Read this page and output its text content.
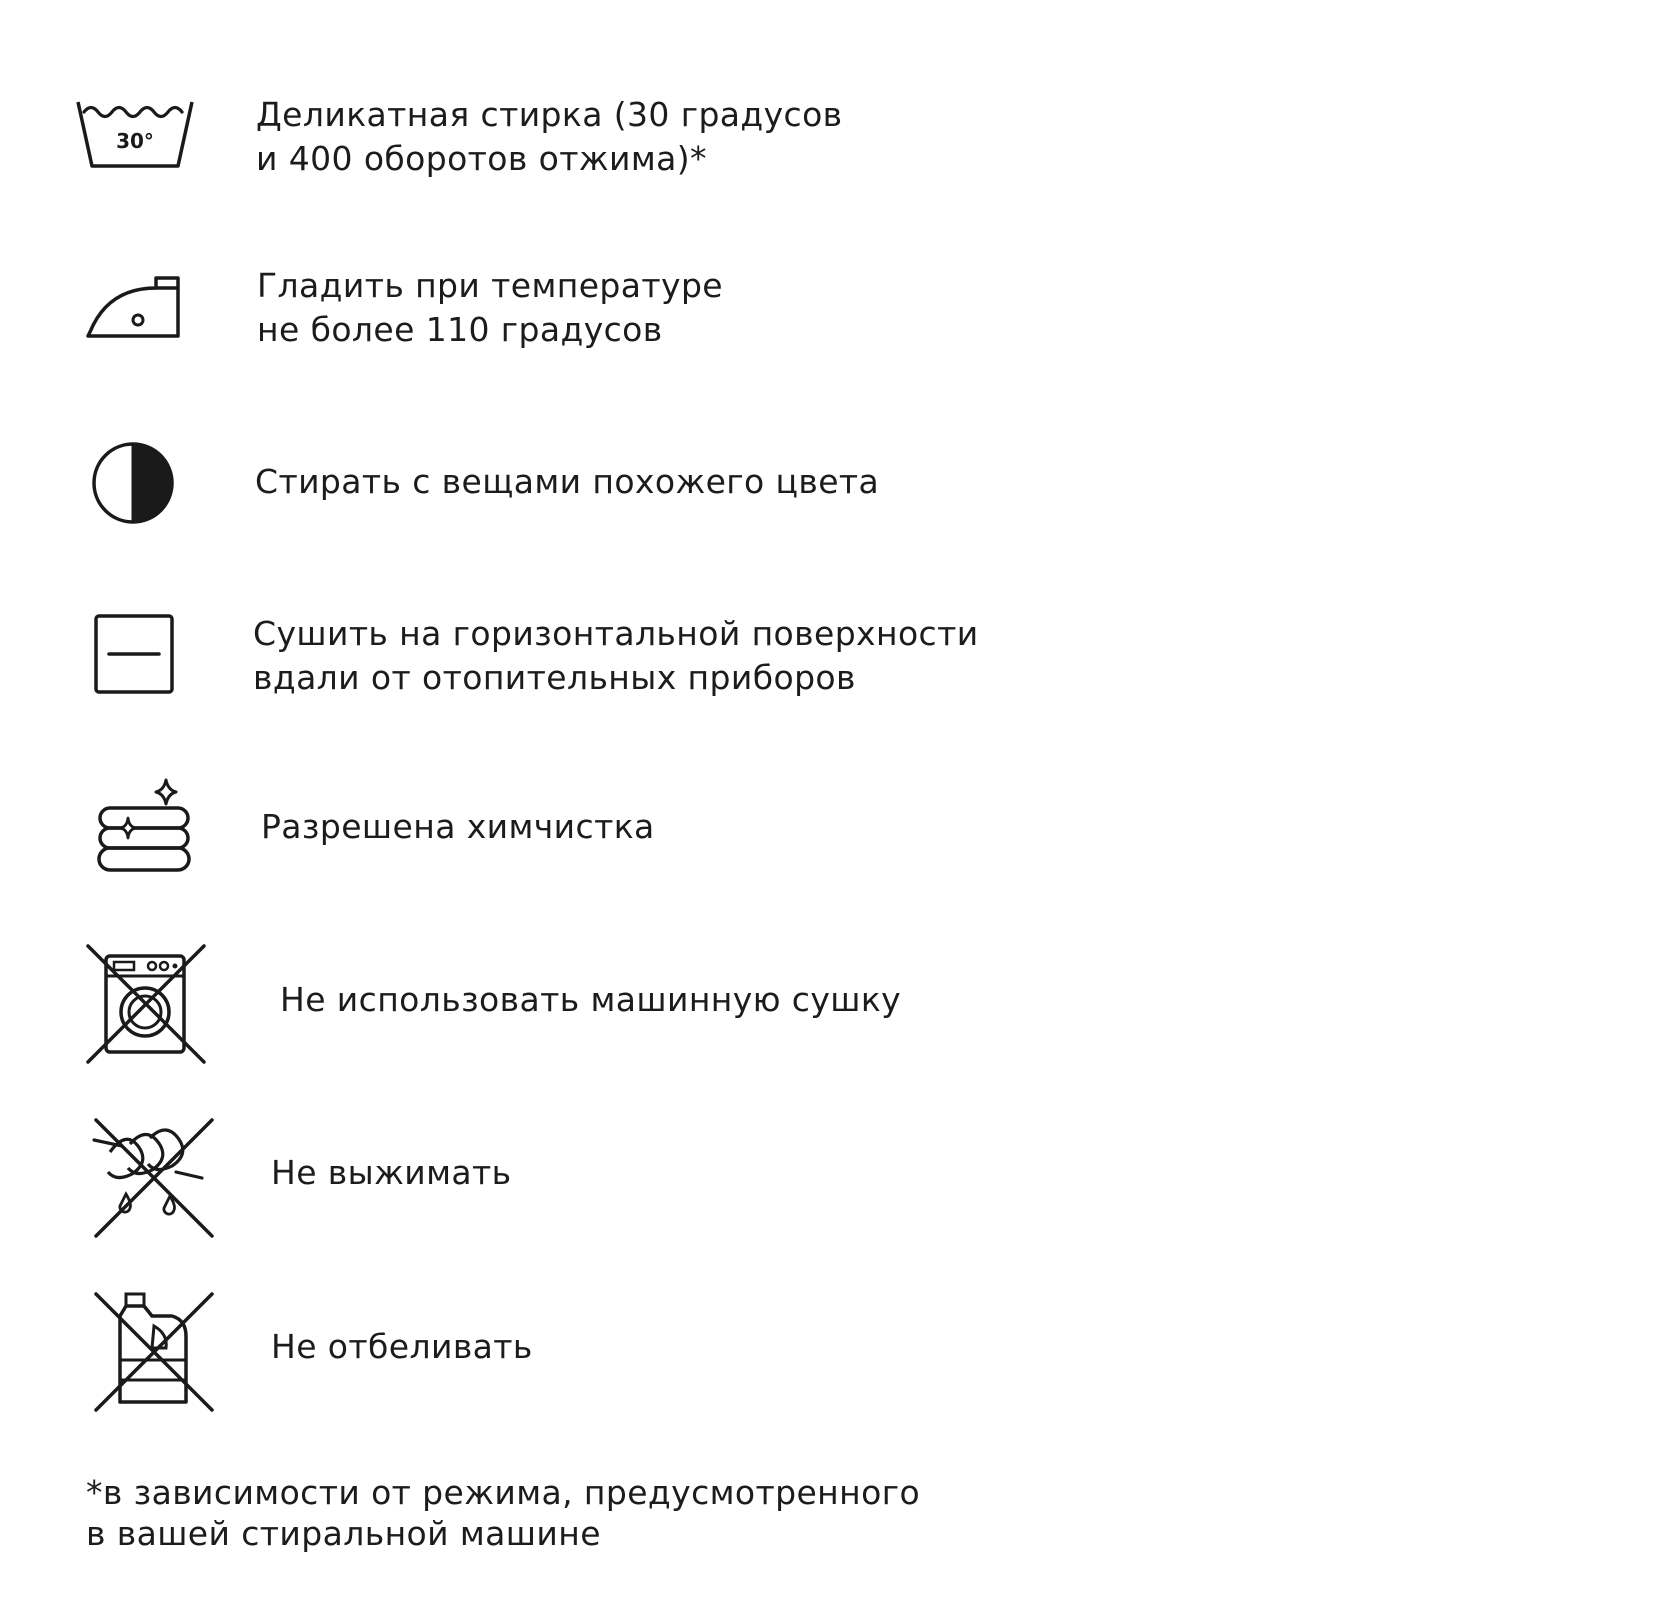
30°
Деликатная стирка (30 градусов
и 400 оборотов отжима)*
Гладить при температуре
не более 110 градусов
Стирать с вещами похожего цвета
Сушить на горизонтальной поверхности
вдали от отопительных приборов
Разрешена химчистка
Не использовать машинную сушку
Не выжимать
Не отбеливать
*в зависимости от режима, предусмотренного
в вашей стиральной машине
